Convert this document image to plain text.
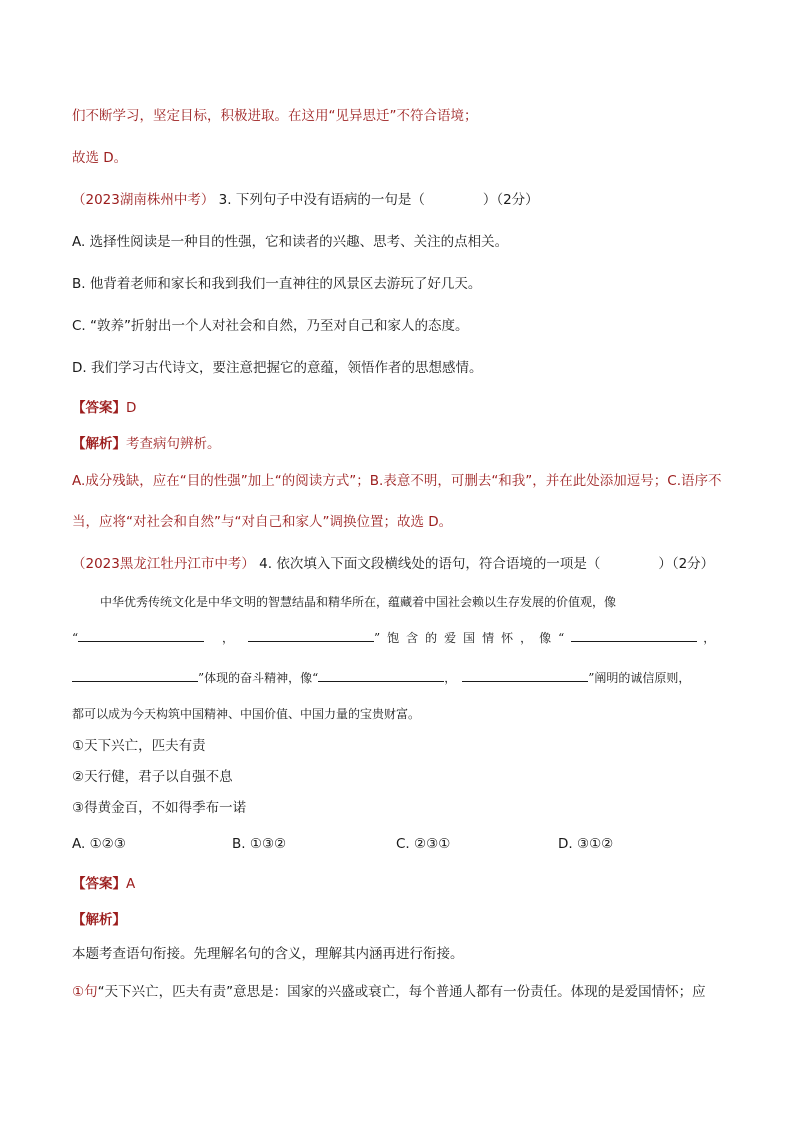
们不断学习，坚定目标，积极进取。在这用“见异思迁”不符合语境；
故选 D。
（2023湖南株州中考） 3. 下列句子中没有语病的一句是（	）（2分）
A. 选择性阅读是一种目的性强，它和读者的兴趣、思考、关注的点相关。
B. 他背着老师和家长和我到我们一直神往的风景区去游玩了好几天。
C. “敦养”折射出一个人对社会和自然，乃至对自己和家人的态度。
D. 我们学习古代诗文，要注意把握它的意蕴，领悟作者的思想感情。
【答案】D
【解析】考查病句辨析。
A.成分残缺，应在“目的性强”加上“的阅读方式”；B.表意不明，可删去“和我”，并在此处添加逗号；C.语序不
当，应将“对社会和自然”与“对自己和家人”调换位置；故选 D。
（2023黑龙江牡丹江市中考） 4. 依次填入下面文段横线处的语句，符合语境的一项是（	）（2分）
中华优秀传统文化是中华文明的智慧结晶和精华所在，蕴藏着中国社会赖以生存发展的价值观，像
“	，	”饱含的爱国情怀，像“	，
”体现的奋斗精神，像“	，	”阐明的诚信原则，
都可以成为今天构筑中国精神、中国价值、中国力量的宝贵财富。
①天下兴亡，匹夫有责
②天行健，君子以自强不息
③得黄金百，不如得季布一诺
A. ①②③	B. ①③②	C. ②③①	D. ③①②
【答案】A
【解析】
本题考查语句衔接。先理解名句的含义，理解其内涵再进行衔接。
①句“天下兴亡，匹夫有责”意思是：国家的兴盛或衰亡，每个普通人都有一份责任。体现的是爱国情怀；应
